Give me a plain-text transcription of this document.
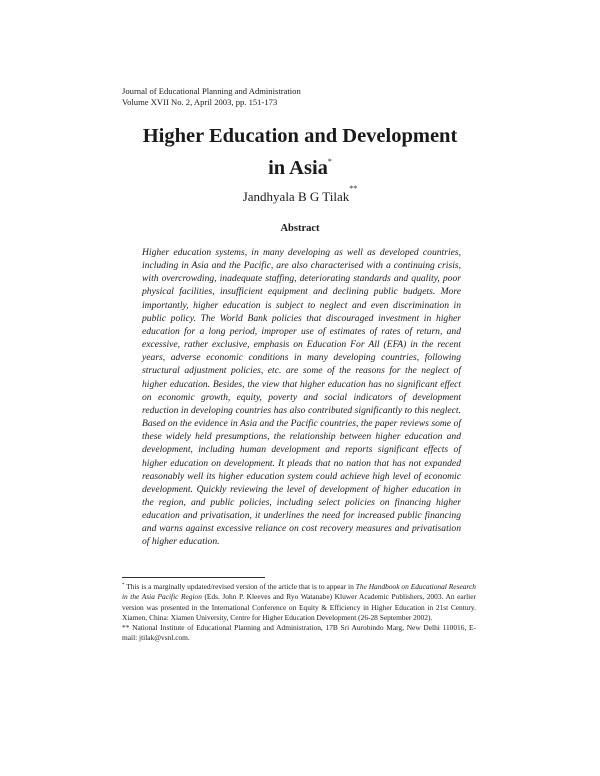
Journal of Educational Planning and Administration
Volume XVII No. 2, April 2003, pp. 151-173
Higher Education and Development
in Asia*
Jandhyala B G Tilak**
Abstract

Higher education systems, in many developing as well as developed countries, including in Asia and the Pacific, are also characterised with a continuing crisis, with overcrowding, inadequate staffing, deteriorating standards and quality, poor physical facilities, insufficient equipment and declining public budgets. More importantly, higher education is subject to neglect and even discrimination in public policy. The World Bank policies that discouraged investment in higher education for a long period, improper use of estimates of rates of return, and excessive, rather exclusive, emphasis on Education For All (EFA) in the recent years, adverse economic conditions in many developing countries, following structural adjustment policies, etc. are some of the reasons for the neglect of higher education. Besides, the view that higher education has no significant effect on economic growth, equity, poverty and social indicators of development reduction in developing countries has also contributed significantly to this neglect. Based on the evidence in Asia and the Pacific countries, the paper reviews some of these widely held presumptions, the relationship between higher education and development, including human development and reports significant effects of higher education on development. It pleads that no nation that has not expanded reasonably well its higher education system could achieve high level of economic development. Quickly reviewing the level of development of higher education in the region, and public policies, including select policies on financing higher education and privatisation, it underlines the need for increased public financing and warns against excessive reliance on cost recovery measures and privatisation of higher education.

* This is a marginally updated/revised version of the article that is to appear in The Handbook on Educational Research in the Asia Pacific Region (Eds. John P. Kleeves and Ryo Watanabe) Kluwer Academic Publishers, 2003. An earlier version was presented in the International Conference on Equity & Efficiency in Higher Education in 21st Century. Xiamen, China: Xiamen University, Centre for Higher Education Development (26-28 September 2002).

** National Institute of Educational Planning and Administration, 17B Sri Aurobindo Marg, New Delhi 110016, E-mail: jtilak@vsnl.com.
